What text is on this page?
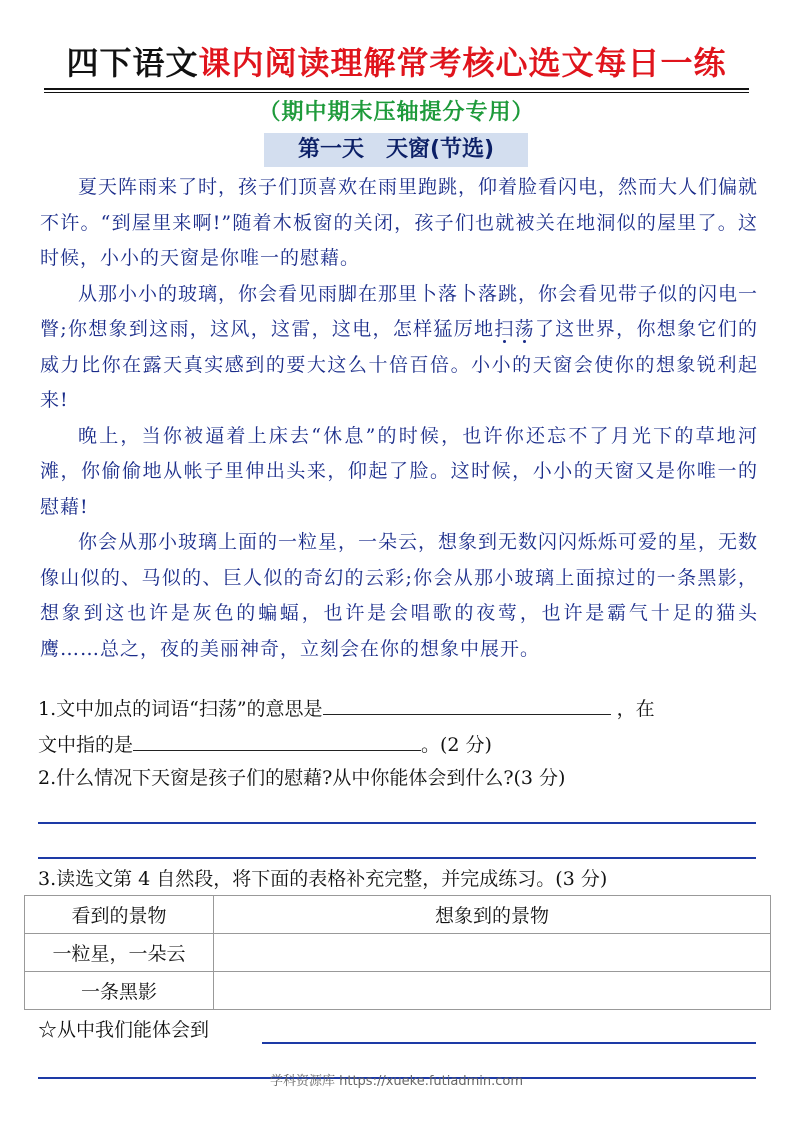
四下语文课内阅读理解常考核心选文每日一练
（期中期末压轴提分专用）
第一天　天窗(节选)

夏天阵雨来了时，孩子们顶喜欢在雨里跑跳，仰着脸看闪电，然而大人们偏就不许。“到屋里来啊!”随着木板窗的关闭，孩子们也就被关在地洞似的屋里了。这时候，小小的天窗是你唯一的慰藉。

从那小小的玻璃，你会看见雨脚在那里卜落卜落跳，你会看见带子似的闪电一瞥;你想象到这雨，这风，这雷，这电，怎样猛厉地扫荡了这世界，你想象它们的威力比你在露天真实感到的要大这么十倍百倍。小小的天窗会使你的想象锐利起来!

晚上，当你被逼着上床去“休息”的时候，也许你还忘不了月光下的草地河滩，你偷偷地从帐子里伸出头来，仰起了脸。这时候，小小的天窗又是你唯一的慰藉!

你会从那小玻璃上面的一粒星，一朵云，想象到无数闪闪烁烁可爱的星，无数像山似的、马似的、巨人似的奇幻的云彩;你会从那小玻璃上面掠过的一条黑影，想象到这也许是灰色的蝙蝠，也许是会唱歌的夜莺，也许是霸气十足的猫头鹰……总之，夜的美丽神奇，立刻会在你的想象中展开。

1.文中加点的词语“扫荡”的意思是	，在
文中指的是	。(2 分)
2.什么情况下天窗是孩子们的慰藉?从中你能体会到什么?(3 分)
3.读选文第 4 自然段，将下面的表格补充完整，并完成练习。(3 分)
看到的景物	想象到的景物
一粒星，一朵云	
一条黑影	
☆从中我们能体会到
学科资源库 https://xueke.futiadmin.com
